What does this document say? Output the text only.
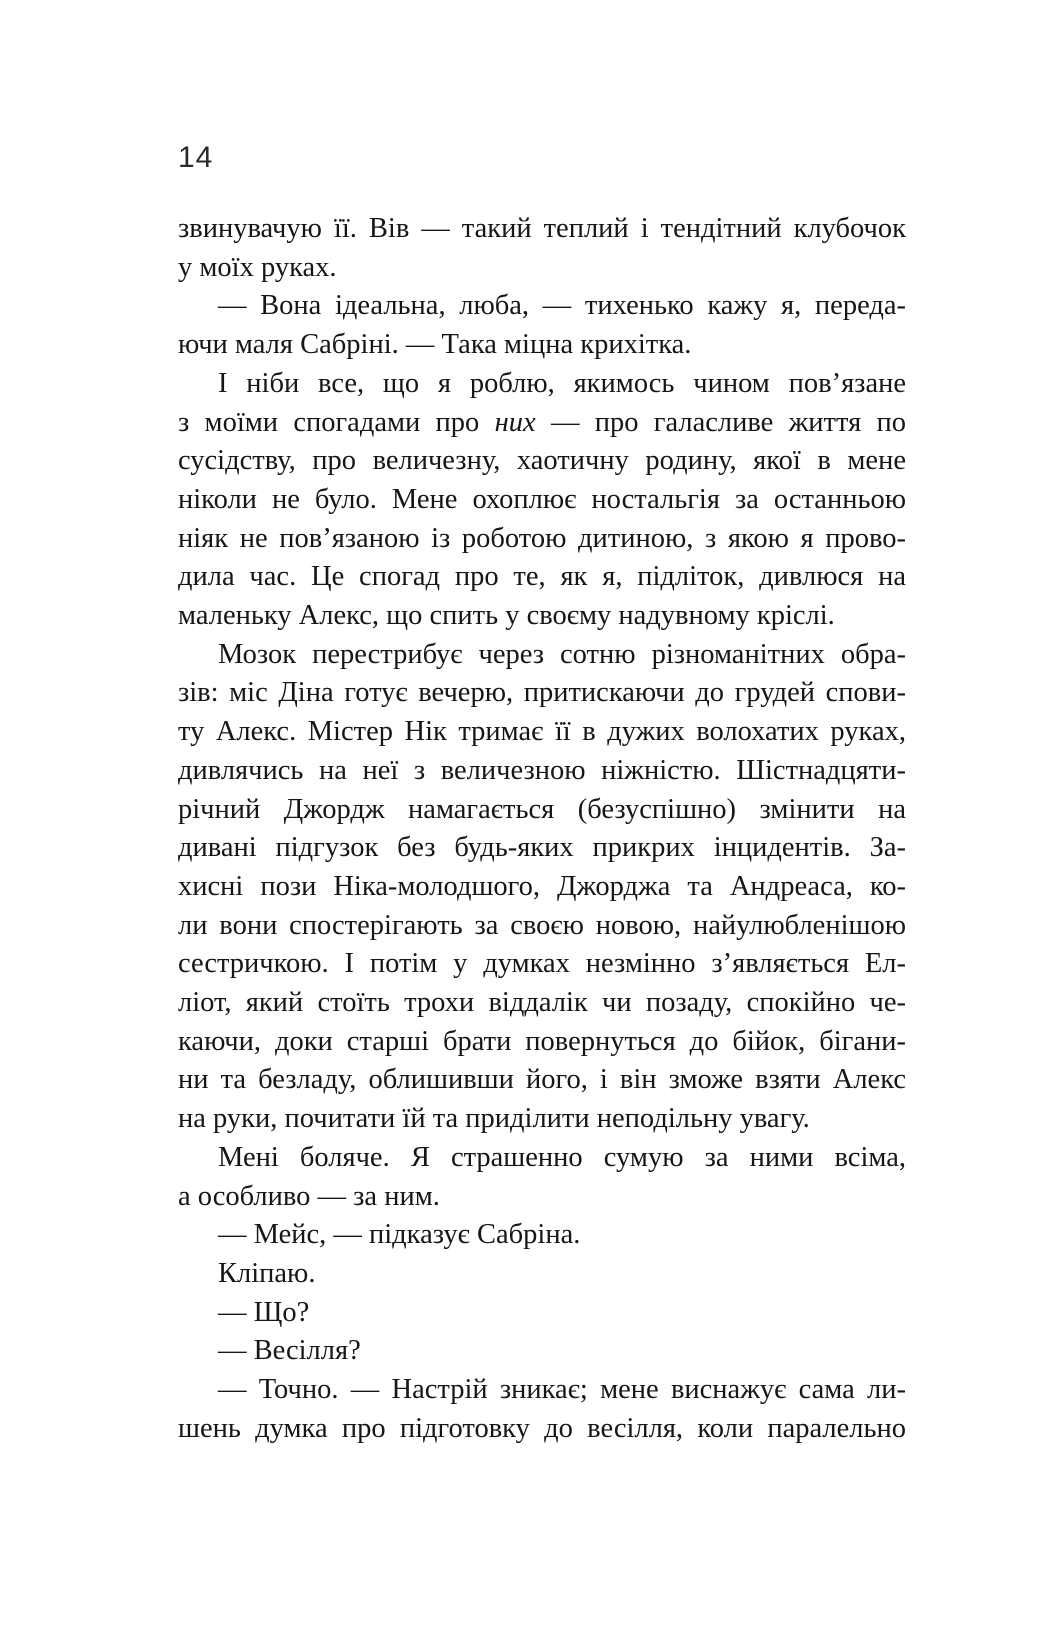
14
звинувачую її. Вів — такий теплий і тендітний клубочок
у моїх руках.
— Вона ідеальна, люба, — тихенько кажу я, переда-
ючи маля Сабріні. — Така міцна крихітка.
І ніби все, що я роблю, якимось чином пов’язане
з моїми спогадами про них — про галасливе життя по
сусідству, про величезну, хаотичну родину, якої в мене
ніколи не було. Мене охоплює ностальгія за останньою
ніяк не пов’язаною із роботою дитиною, з якою я прово-
дила час. Це спогад про те, як я, підліток, дивлюся на
маленьку Алекс, що спить у своєму надувному кріслі.
Мозок перестрибує через сотню різноманітних обра-
зів: міс Діна готує вечерю, притискаючи до грудей спови-
ту Алекс. Містер Нік тримає її в дужих волохатих руках,
дивлячись на неї з величезною ніжністю. Шістнадцяти-
річний Джордж намагається (безуспішно) змінити на
дивані підгузок без будь-яких прикрих інцидентів. За-
хисні пози Ніка-молодшого, Джорджа та Андреаса, ко-
ли вони спостерігають за своєю новою, найулюбленішою
сестричкою. І потім у думках незмінно з’являється Ел-
ліот, який стоїть трохи віддалік чи позаду, спокійно че-
каючи, доки старші брати повернуться до бійок, бігани-
ни та безладу, облишивши його, і він зможе взяти Алекс
на руки, почитати їй та приділити неподільну увагу.
Мені боляче. Я страшенно сумую за ними всіма,
а особливо — за ним.
— Мейс, — підказує Сабріна.
Кліпаю.
— Що?
— Весілля?
— Точно. — Настрій зникає; мене виснажує сама ли-
шень думка про підготовку до весілля, коли паралельно
